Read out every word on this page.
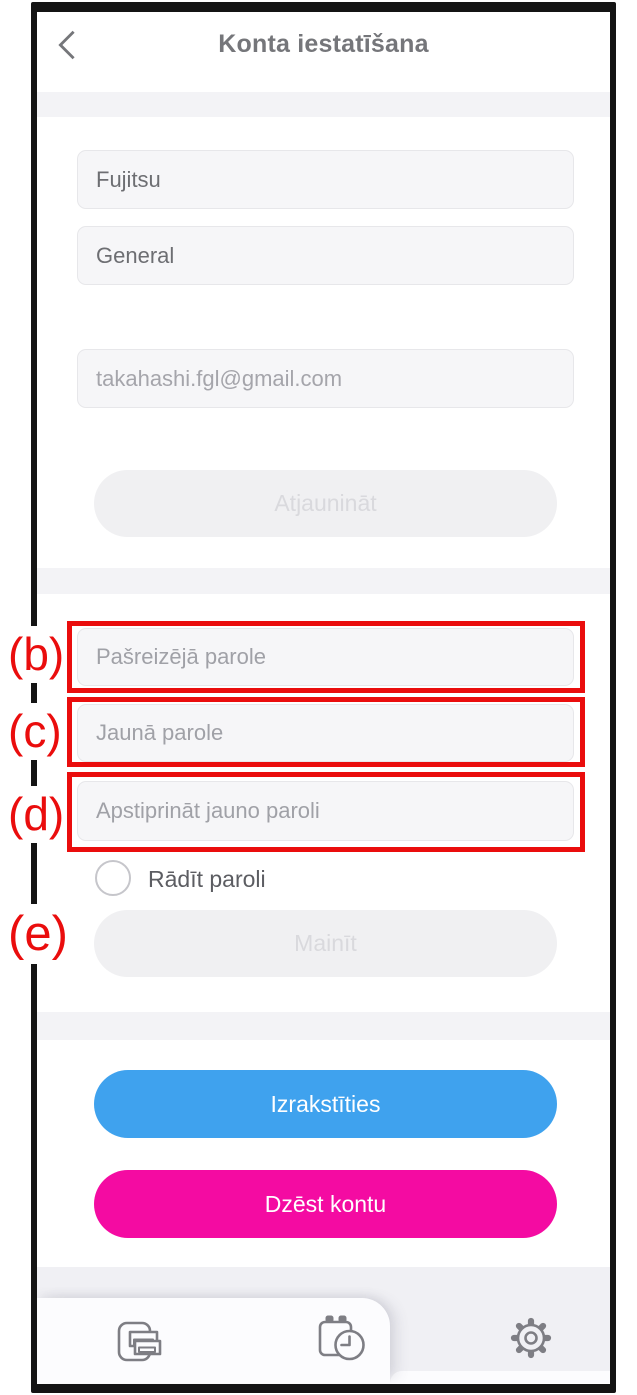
Konta iestatīšana
Fujitsu
General
takahashi.fgl@gmail.com
Atjaunināt
Pašreizējā parole
Jaunā parole
Apstiprināt jauno paroli
Rādīt paroli
Mainīt
Izrakstīties
Dzēst kontu
(b)
(c)
(d)
(e)
